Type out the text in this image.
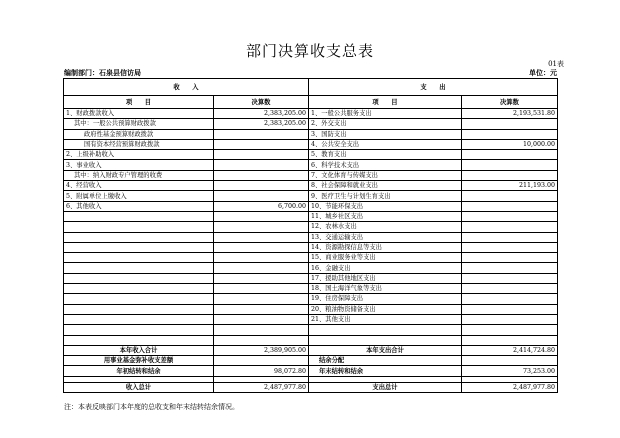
部门决算收支总表
01表
编制部门：石泉县信访局	单位：元
收　　入		支　　出	
项　　目	决算数	项　　目	决算数
1、财政拨款收入	2,383,205.00	1、一般公共服务支出	2,193,531.80
其中：一般公共预算财政拨款	2,383,205.00	2、外交支出	
政府性基金预算财政拨款		3、国防支出	
国有资本经营预算财政拨款		4、公共安全支出	10,000.00
2、上级补助收入		5、教育支出	
3、事业收入		6、科学技术支出	
其中：纳入财政专户管理的收费		7、文化体育与传媒支出	
4、经营收入		8、社会保障和就业支出	211,193.00
5、附属单位上缴收入		9、医疗卫生与计划生育支出	
6、其他收入	6,700.00	10、节能环保支出	
		11、城乡社区支出	
		12、农林水支出	
		13、交通运输支出	
		14、资源勘探信息等支出	
		15、商业服务业等支出	
		16、金融支出	
		17、援助其他地区支出	
		18、国土海洋气象等支出	
		19、住房保障支出	
		20、粮油物资储备支出	
		21、其他支出	

本年收入合计	2,389,905.00	本年支出合计	2,414,724.80
用事业基金弥补收支差额		结余分配	
年初结转和结余	98,072.80	年末结转和结余	73,253.00

收入总计	2,487,977.80	支出总计	2,487,977.80
注：本表反映部门本年度的总收支和年末结转结余情况。
